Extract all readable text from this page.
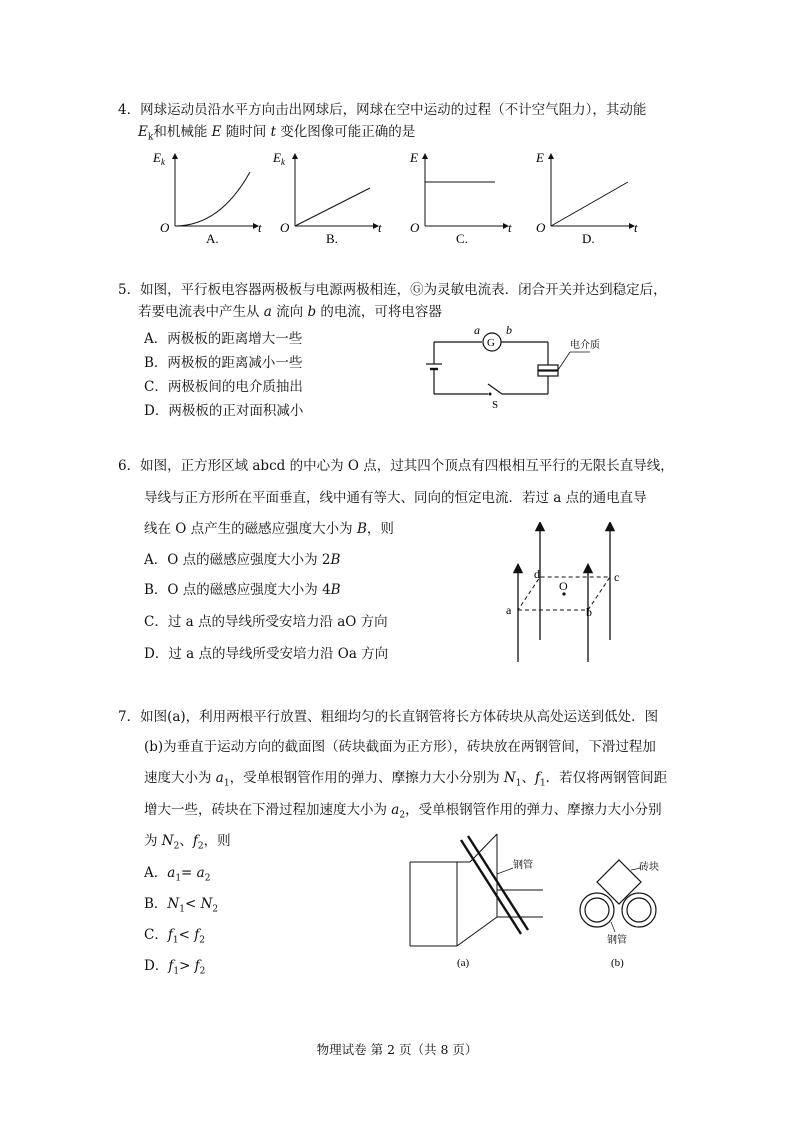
4．网球运动员沿水平方向击出网球后，网球在空中运动的过程（不计空气阻力），其动能
$E_k$和机械能 E 随时间 t 变化图像可能正确的是
$E_k$
O	t
A.
$E_k$
O	t
B.
E
O	t
C.
E
O	t
D.
5．如图，平行板电容器两极板与电源两极相连，Ⓖ为灵敏电流表．闭合开关并达到稳定后，
若要电流表中产生从 a 流向 b 的电流，可将电容器
A．两极板的距离增大一些
B．两极板的距离减小一些
C．两极板间的电介质抽出
D．两极板的正对面积减小
G
a b
电介质
S
6．如图，正方形区域 abcd 的中心为 O 点，过其四个顶点有四根相互平行的无限长直导线，
导线与正方形所在平面垂直，线中通有等大、同向的恒定电流．若过 a 点的通电直导
线在 O 点产生的磁感应强度大小为 B，则
A．O 点的磁感应强度大小为 2B
B．O 点的磁感应强度大小为 4B
C．过 a 点的导线所受安培力沿 aO 方向
D．过 a 点的导线所受安培力沿 Oa 方向
O
a	b
c
d
7．如图(a)，利用两根平行放置、粗细均匀的长直钢管将长方体砖块从高处运送到低处．图
(b)为垂直于运动方向的截面图（砖块截面为正方形），砖块放在两钢管间，下滑过程加
速度大小为 $a_1$，受单根钢管作用的弹力、摩擦力大小分别为 $N_1$、$f_1$．若仅将两钢管间距
增大一些，砖块在下滑过程加速度大小为 $a_2$，受单根钢管作用的弹力、摩擦力大小分别
为 $N_2$、$f_2$，则
A．$a_1= a_2$
B．$N_1< N_2$
C．$f_1< f_2$
D．$f_1> f_2$
钢管
(a)
砖块
钢管
(b)
物理试卷 第 2 页（共 8 页）
